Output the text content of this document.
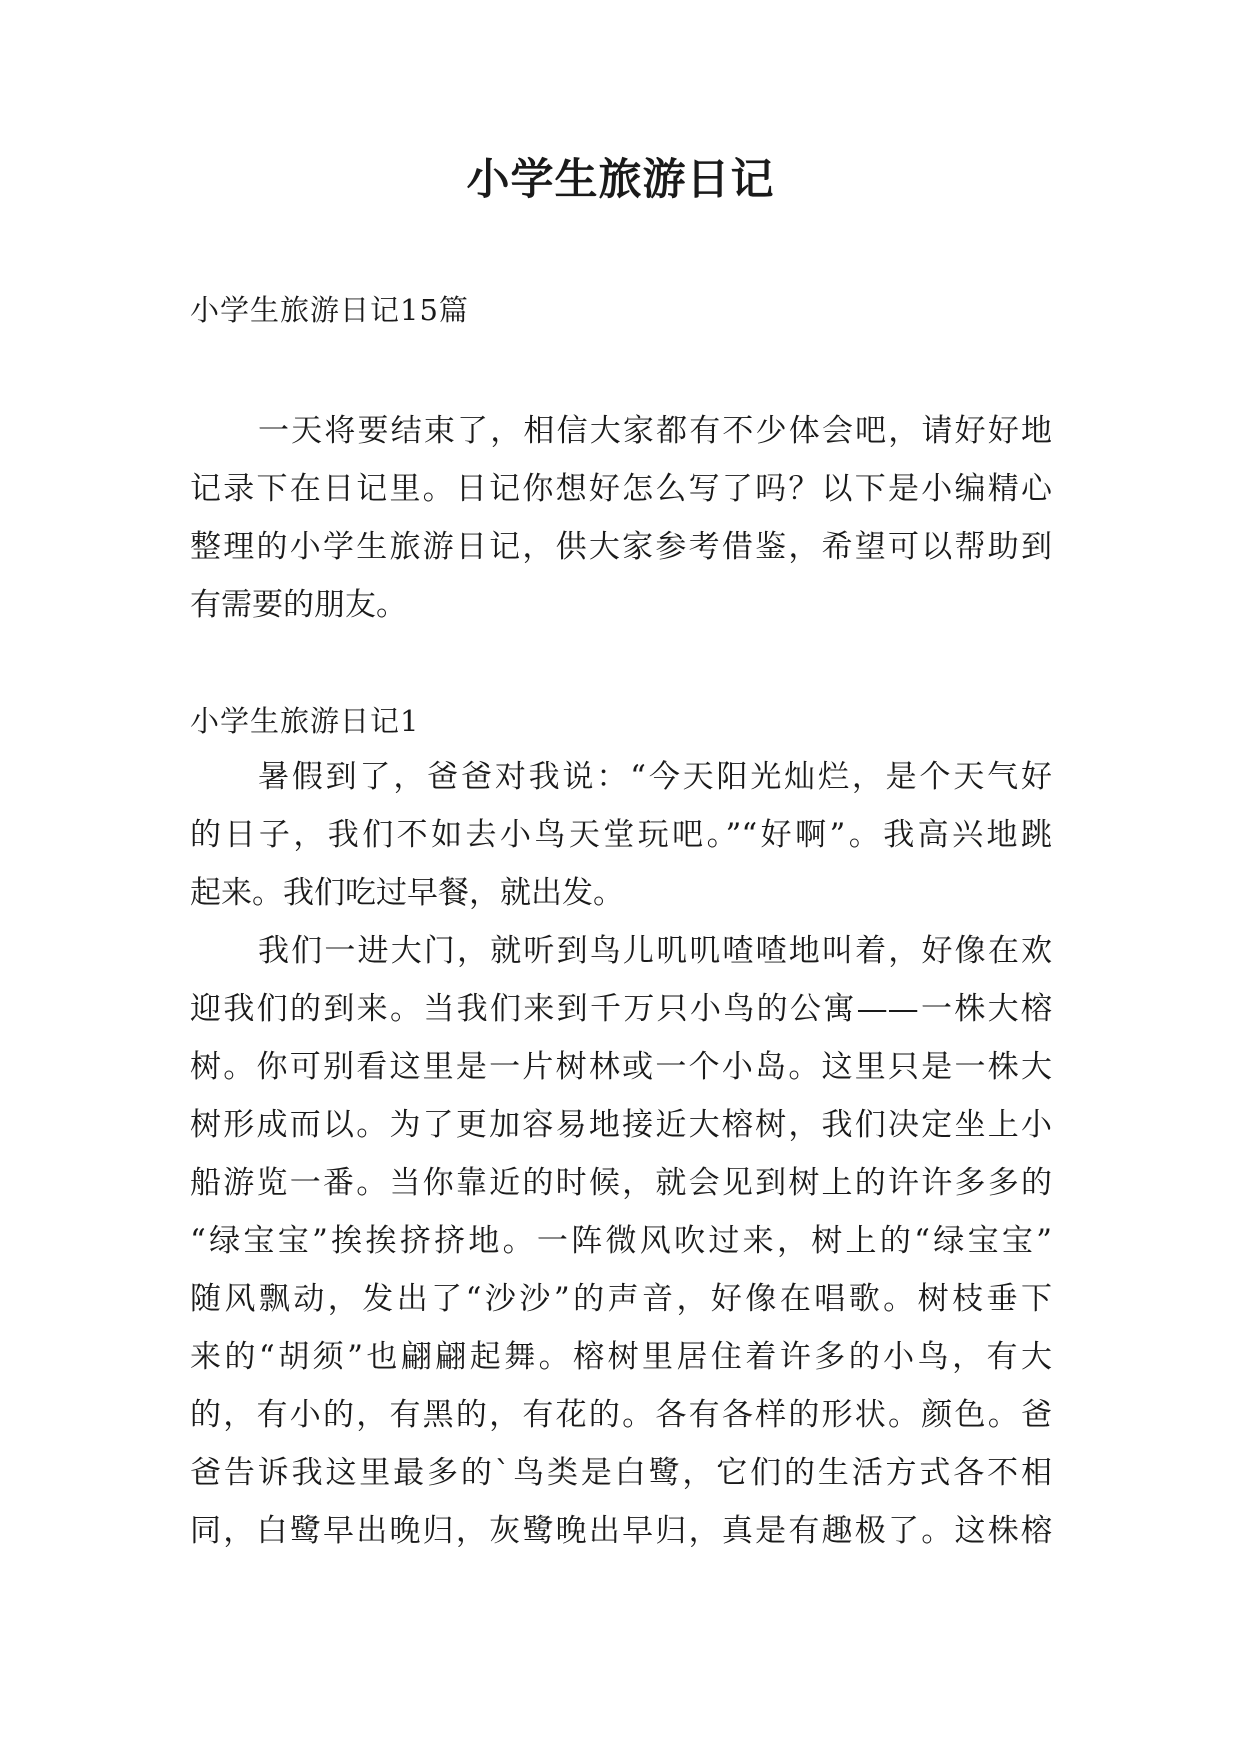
小学生旅游日记
小学生旅游日记15篇
一天将要结束了，相信大家都有不少体会吧，请好好地
记录下在日记里。日记你想好怎么写了吗？以下是小编精心
整理的小学生旅游日记，供大家参考借鉴，希望可以帮助到
有需要的朋友。
小学生旅游日记1
暑假到了，爸爸对我说：“今天阳光灿烂，是个天气好
的日子，我们不如去小鸟天堂玩吧。”“好啊”。我高兴地跳
起来。我们吃过早餐，就出发。
我们一进大门，就听到鸟儿叽叽喳喳地叫着，好像在欢
迎我们的到来。当我们来到千万只小鸟的公寓——一株大榕
树。你可别看这里是一片树林或一个小岛。这里只是一株大
树形成而以。为了更加容易地接近大榕树，我们决定坐上小
船游览一番。当你靠近的时候，就会见到树上的许许多多的
“绿宝宝”挨挨挤挤地。一阵微风吹过来，树上的“绿宝宝”
随风飘动，发出了“沙沙”的声音，好像在唱歌。树枝垂下
来的“胡须”也翩翩起舞。榕树里居住着许多的小鸟，有大
的，有小的，有黑的，有花的。各有各样的形状。颜色。爸
爸告诉我这里最多的`鸟类是白鹭，它们的生活方式各不相
同，白鹭早出晚归，灰鹭晚出早归，真是有趣极了。这株榕
